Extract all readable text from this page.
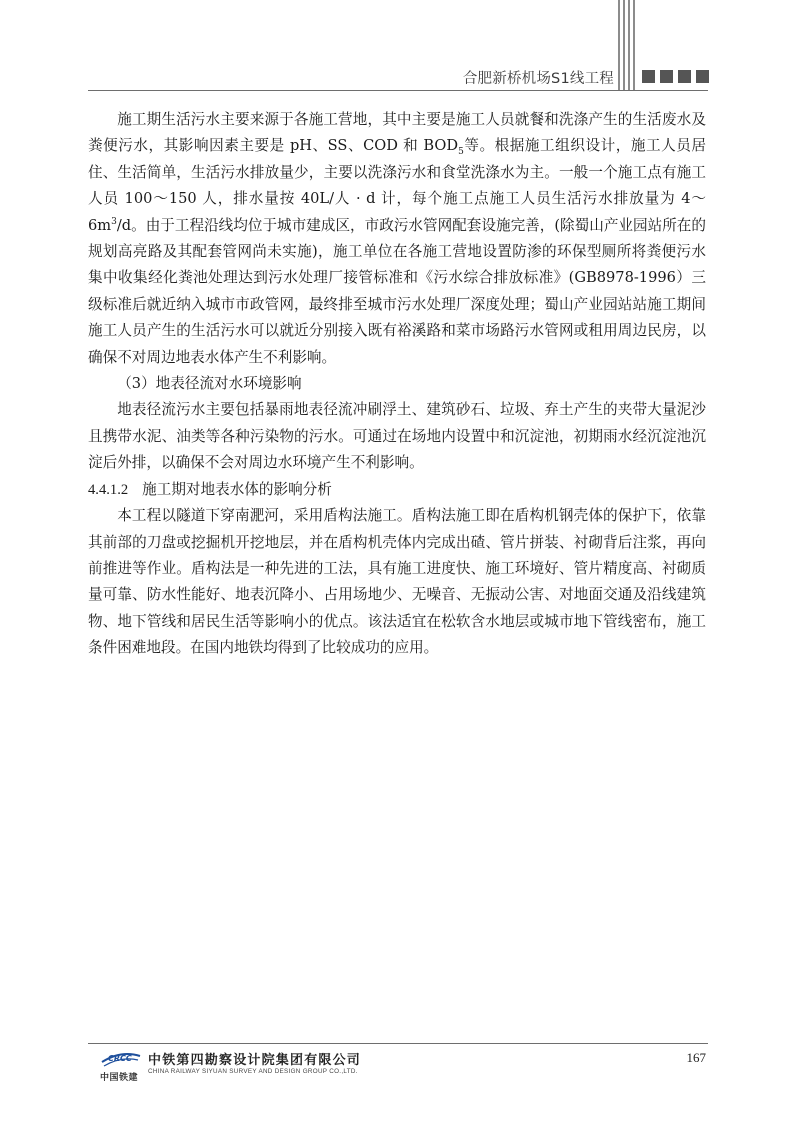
合肥新桥机场S1线工程

施工期生活污水主要来源于各施工营地，其中主要是施工人员就餐和洗涤产生的生活废水及粪便污水，其影响因素主要是 pH、SS、COD 和 $BOD_5$等。根据施工组织设计，施工人员居住、生活简单，生活污水排放量少，主要以洗涤污水和食堂洗涤水为主。一般一个施工点有施工人员 100～150 人，排水量按 40L/人 · d 计，每个施工点施工人员生活污水排放量为 $4\sim 6m^3/d$。由于工程沿线均位于城市建成区，市政污水管网配套设施完善，(除蜀山产业园站所在的规划高亮路及其配套管网尚未实施)，施工单位在各施工营地设置防渗的环保型厕所将粪便污水集中收集经化粪池处理达到污水处理厂接管标准和《污水综合排放标准》(GB8978-1996）三级标准后就近纳入城市市政管网，最终排至城市污水处理厂深度处理；蜀山产业园站站施工期间施工人员产生的生活污水可以就近分别接入既有裕溪路和菜市场路污水管网或租用周边民房，以确保不对周边地表水体产生不利影响。

（3）地表径流对水环境影响

地表径流污水主要包括暴雨地表径流冲刷浮土、建筑砂石、垃圾、弃土产生的夹带大量泥沙且携带水泥、油类等各种污染物的污水。可通过在场地内设置中和沉淀池，初期雨水经沉淀池沉淀后外排，以确保不会对周边水环境产生不利影响。

4.4.1.2 施工期对地表水体的影响分析

本工程以隧道下穿南淝河，采用盾构法施工。盾构法施工即在盾构机钢壳体的保护下，依靠其前部的刀盘或挖掘机开挖地层，并在盾构机壳体内完成出碴、管片拼装、衬砌背后注浆，再向前推进等作业。盾构法是一种先进的工法，具有施工进度快、施工环境好、管片精度高、衬砌质量可靠、防水性能好、地表沉降小、占用场地少、无噪音、无振动公害、对地面交通及沿线建筑物、地下管线和居民生活等影响小的优点。该法适宜在松软含水地层或城市地下管线密布，施工条件困难地段。在国内地铁均得到了比较成功的应用。

CRCC
中国铁建
中铁第四勘察设计院集团有限公司
CHINA RAILWAY SIYUAN SURVEY AND DESIGN GROUP CO.,LTD.
167
